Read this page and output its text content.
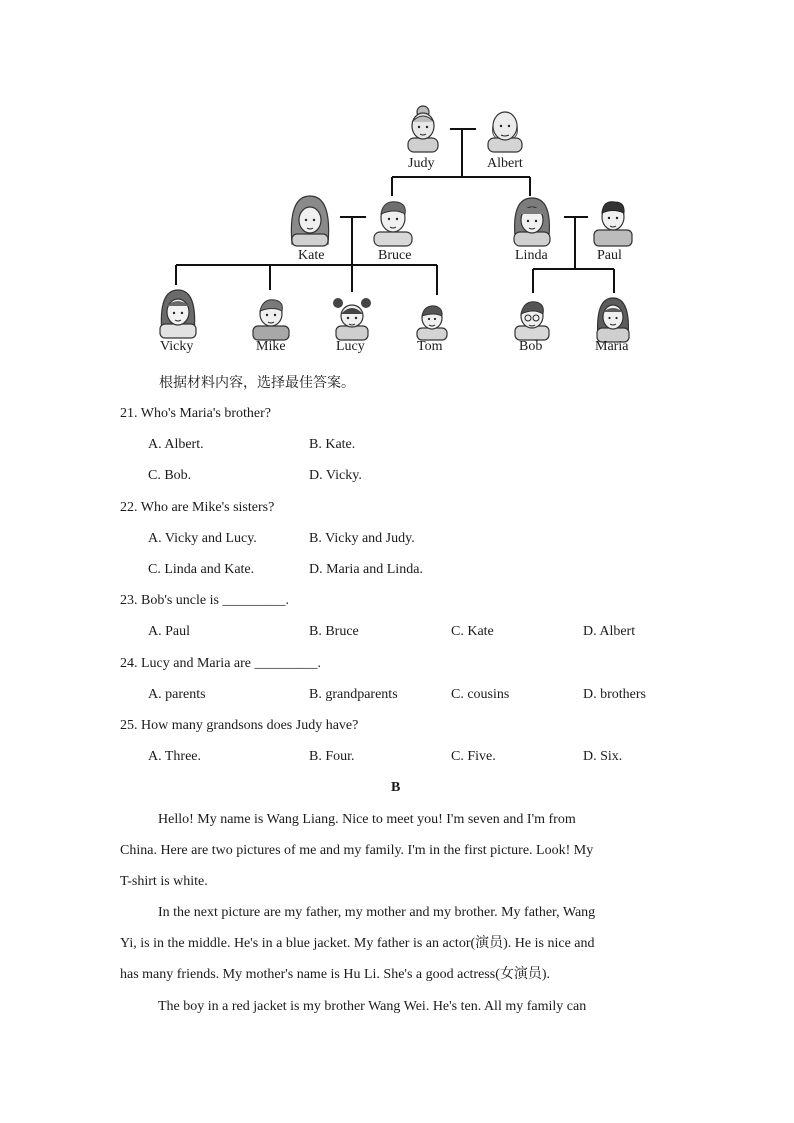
Judy	Albert
Kate	Bruce	Linda	Paul
Vicky	Mike	Lucy	Tom	Bob	Maria
根据材料内容，选择最佳答案。
21. Who's Maria's brother?
A. Albert.	B. Kate.
C. Bob.	D. Vicky.
22. Who are Mike's sisters?
A. Vicky and Lucy.	B. Vicky and Judy.
C. Linda and Kate.	D. Maria and Linda.
23. Bob's uncle is _________.
A. Paul	B. Bruce	C. Kate	D. Albert
24. Lucy and Maria are _________.
A. parents	B. grandparents	C. cousins	D. brothers
25. How many grandsons does Judy have?
A. Three.	B. Four.	C. Five.	D. Six.
B
Hello! My name is Wang Liang. Nice to meet you! I'm seven and I'm from
China. Here are two pictures of me and my family. I'm in the first picture. Look! My
T-shirt is white.
In the next picture are my father, my mother and my brother. My father, Wang
Yi, is in the middle. He's in a blue jacket. My father is an actor(演员). He is nice and
has many friends. My mother's name is Hu Li. She's a good actress(女演员).
The boy in a red jacket is my brother Wang Wei. He's ten. All my family can
